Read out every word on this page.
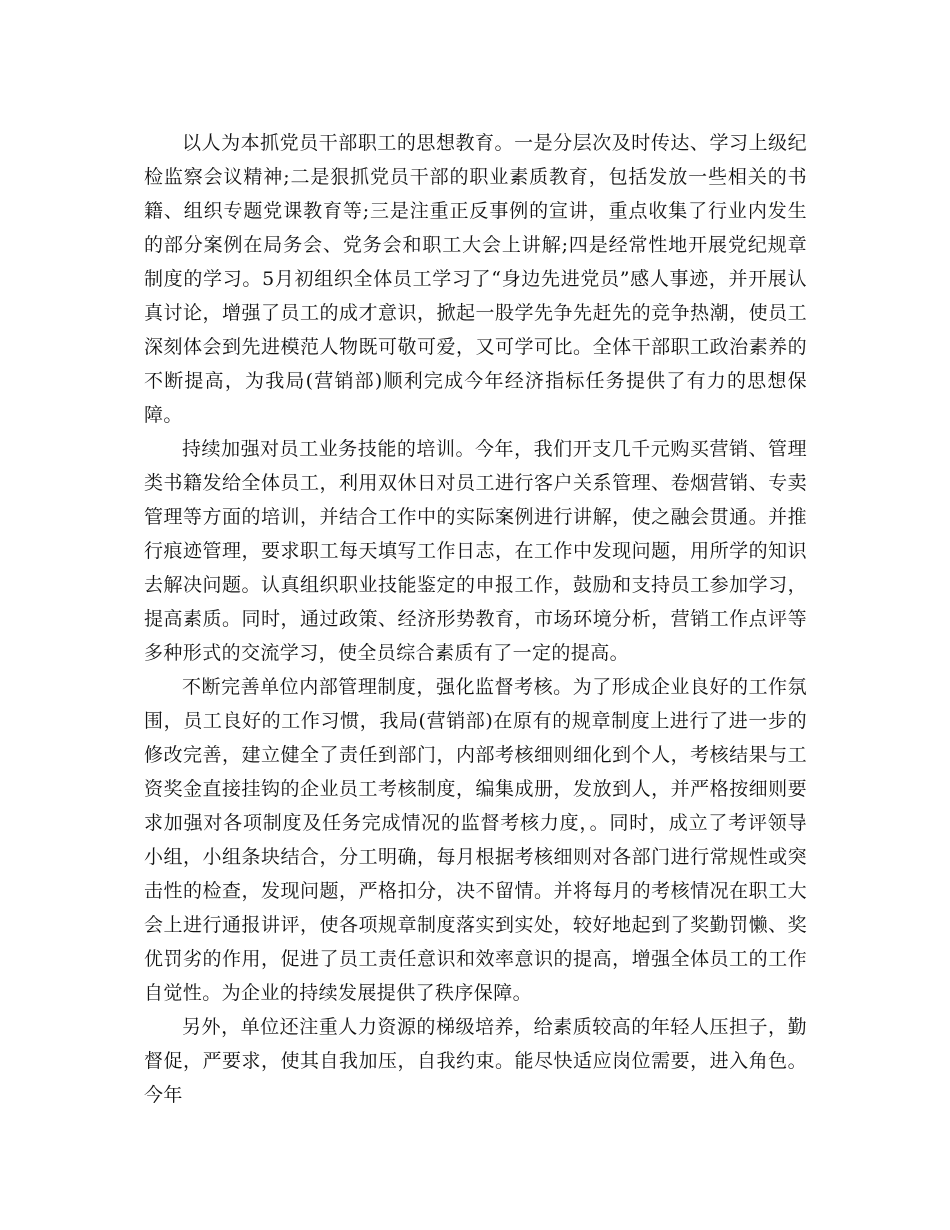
以人为本抓党员干部职工的思想教育。一是分层次及时传达、学习上级纪检监察会议精神;二是狠抓党员干部的职业素质教育，包括发放一些相关的书籍、组织专题党课教育等;三是注重正反事例的宣讲，重点收集了行业内发生的部分案例在局务会、党务会和职工大会上讲解;四是经常性地开展党纪规章制度的学习。5月初组织全体员工学习了“身边先进党员”感人事迹，并开展认真讨论，增强了员工的成才意识，掀起一股学先争先赶先的竞争热潮，使员工深刻体会到先进模范人物既可敬可爱，又可学可比。全体干部职工政治素养的不断提高，为我局(营销部)顺利完成今年经济指标任务提供了有力的思想保障。

持续加强对员工业务技能的培训。今年，我们开支几千元购买营销、管理类书籍发给全体员工，利用双休日对员工进行客户关系管理、卷烟营销、专卖管理等方面的培训，并结合工作中的实际案例进行讲解，使之融会贯通。并推行痕迹管理，要求职工每天填写工作日志，在工作中发现问题，用所学的知识去解决问题。认真组织职业技能鉴定的申报工作，鼓励和支持员工参加学习，提高素质。同时，通过政策、经济形势教育，市场环境分析，营销工作点评等多种形式的交流学习，使全员综合素质有了一定的提高。

不断完善单位内部管理制度，强化监督考核。为了形成企业良好的工作氛围，员工良好的工作习惯，我局(营销部)在原有的规章制度上进行了进一步的修改完善，建立健全了责任到部门，内部考核细则细化到个人，考核结果与工资奖金直接挂钩的企业员工考核制度，编集成册，发放到人，并严格按细则要求加强对各项制度及任务完成情况的监督考核力度，。同时，成立了考评领导小组，小组条块结合，分工明确，每月根据考核细则对各部门进行常规性或突击性的检查，发现问题，严格扣分，决不留情。并将每月的考核情况在职工大会上进行通报讲评，使各项规章制度落实到实处，较好地起到了奖勤罚懒、奖优罚劣的作用，促进了员工责任意识和效率意识的提高，增强全体员工的工作自觉性。为企业的持续发展提供了秩序保障。

另外，单位还注重人力资源的梯级培养，给素质较高的年轻人压担子，勤督促，严要求，使其自我加压，自我约束。能尽快适应岗位需要，进入角色。今年
